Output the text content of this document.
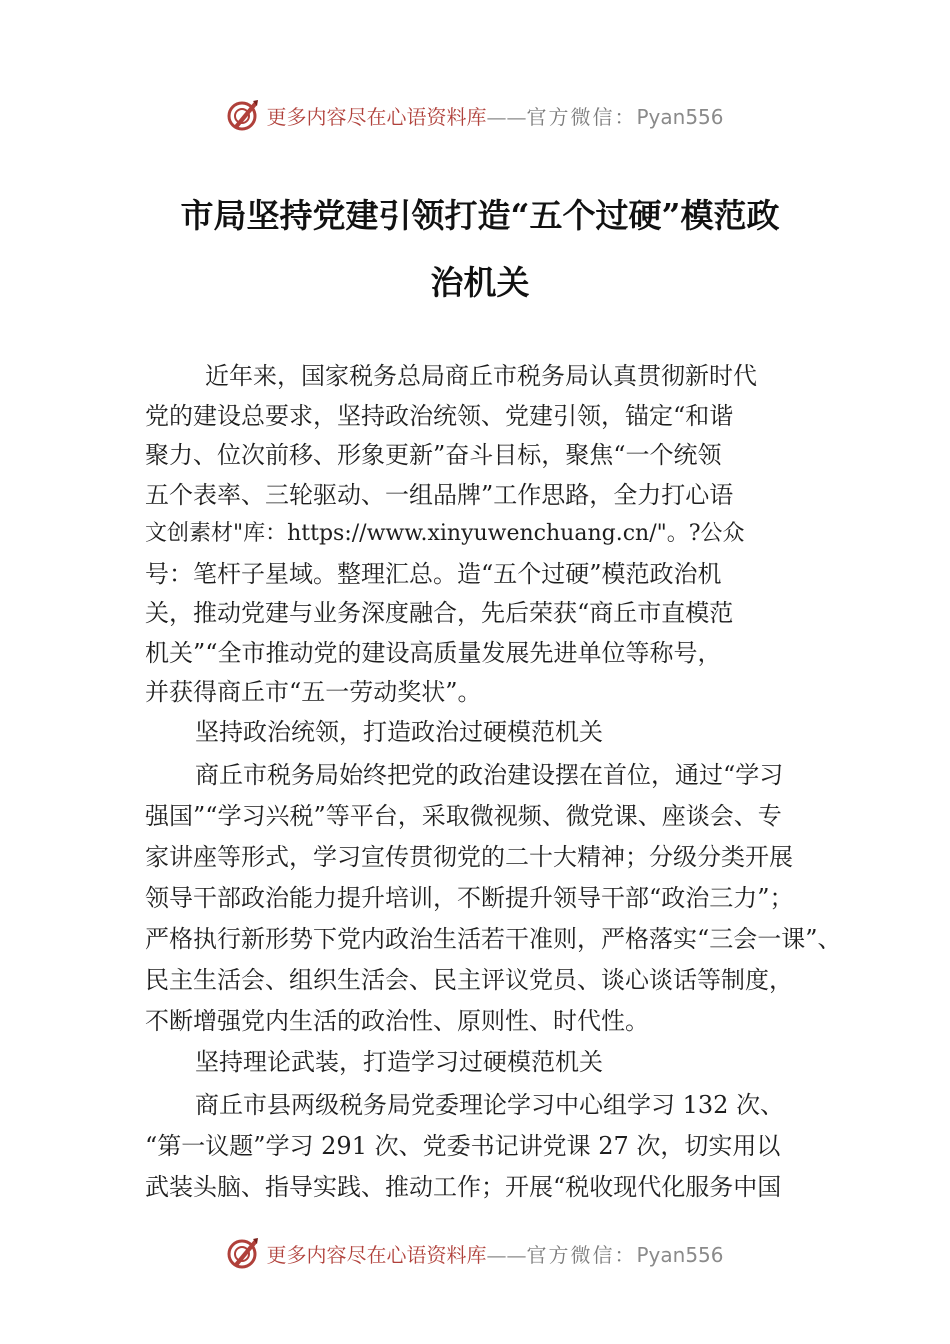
更多内容尽在心语资料库——官方微信：Pyan556
市局坚持党建引领打造“五个过硬”模范政
治机关

近年来，国家税务总局商丘市税务局认真贯彻新时代

党的建设总要求，坚持政治统领、党建引领，锚定“和谐

聚力、位次前移、形象更新”奋斗目标，聚焦“一个统领

五个表率、三轮驱动、一组品牌”工作思路，全力打心语

文创素材"库：https://www.xinyuwenchuang.cn/"。?公众

号：笔杆子星域。整理汇总。造“五个过硬”模范政治机

关，推动党建与业务深度融合，先后荣获“商丘市直模范

机关”“全市推动党的建设高质量发展先进单位等称号，

并获得商丘市“五一劳动奖状”。

坚持政治统领，打造政治过硬模范机关

商丘市税务局始终把党的政治建设摆在首位，通过“学习

强国”“学习兴税”等平台，采取微视频、微党课、座谈会、专

家讲座等形式，学习宣传贯彻党的二十大精神；分级分类开展

领导干部政治能力提升培训，不断提升领导干部“政治三力”；

严格执行新形势下党内政治生活若干准则，严格落实“三会一课”、

民主生活会、组织生活会、民主评议党员、谈心谈话等制度，

不断增强党内生活的政治性、原则性、时代性。

坚持理论武装，打造学习过硬模范机关

商丘市县两级税务局党委理论学习中心组学习 132 次、

“第一议题”学习 291 次、党委书记讲党课 27 次，切实用以

武装头脑、指导实践、推动工作；开展“税收现代化服务中国

更多内容尽在心语资料库——官方微信：Pyan556
